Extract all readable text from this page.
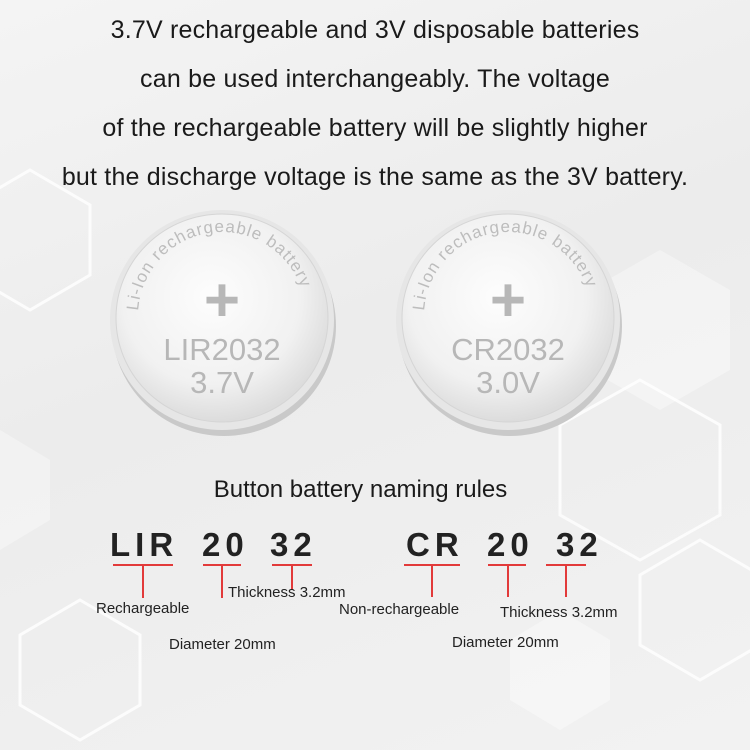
3.7V rechargeable and 3V disposable batteries

can be used interchangeably. The voltage

of the rechargeable battery will be slightly higher

but the discharge voltage is the same as the 3V battery.

Li-Ion rechargeable battery
+
LIR2032
3.7V
Li-Ion rechargeable battery
+
CR2032
3.0V
Button battery naming rules
LIR 20 32
Rechargeable
Thickness 3.2mm
Diameter 20mm
CR 20 32
Non-rechargeable	Thickness 3.2mm
Diameter 20mm
